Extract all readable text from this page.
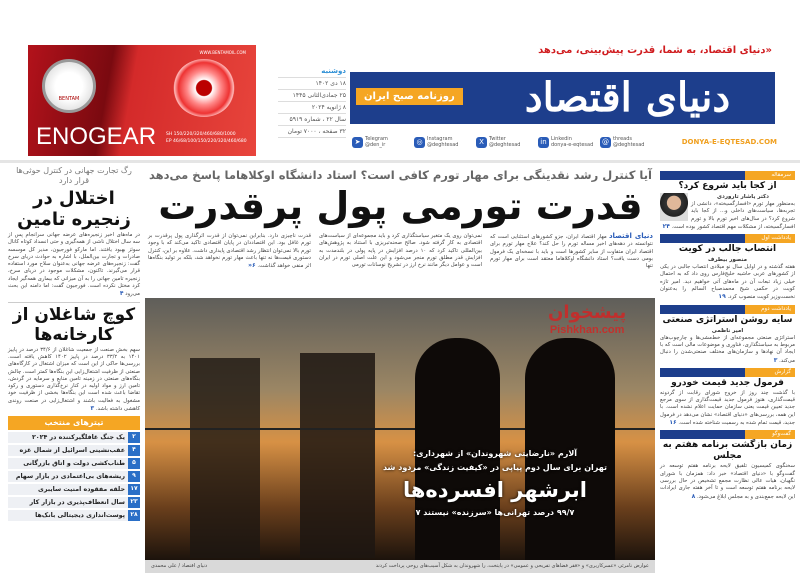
BENTAM
WWW.BENTAMOIL.COM
ENOGEAR SH 150/220/320/460/680/1000
EP 46/68/100/150/220/320/460/680
«دنیای اقتصاد، به شما، قدرت پیش‌بینی، می‌دهد
دنیای اقتصاد
روزنامه صبح ایران
دوشنبه
۱۸ دی ۱۴۰۲
۲۵ جمادی‌الثانی ۱۴۴۵
۸ ژانویه ۲۰۲۴
سال ۲۲ ، شماره ۵۹۱۹
۳۲ صفحه ، ۷۰۰۰ تومان
➤ Telegram
@den_ir	◎ Instagram
@deghtesad	X	Twitter
@deghtesad	in Linkedin
donya-e-eqtesad @ threads
@deghtesad	DONYA-E-EQTESAD.COM
آیا کنترل رشد نقدینگی برای مهار تورم کافی است؟ استاد دانشگاه اوکلاهاما پاسخ می‌دهد
قدرت تورمی پول پرقدرت
دنیای اقتصاد مهار اقتصاد ایران، جزو کشورهای استثنایی است که نتوانسته در دهه‌های اخیر مساله تورم را حل کند؟ علاج مهار تورم برای اقتصاد ایران متفاوت از سایر کشورها است و باید با نسخه‌ای یک فرمول بومی دست یافت؟ استاد دانشگاه اوکلاهاما معتقد است برای مهار تورم تنها
نمی‌توان روی یک متغیر سیاستگذاری کرد و باید مجموعه‌ای از سیاست‌های اقتصادی به کار گرفته شود. صالح صحنه‌تبریزی با استناد به پژوهش‌های بین‌المللی تاکید کرد که ۱۰ درصد افزایش در پایه پولی در بلندمدت به افزایش قدر مطلق تورم منجر می‌شود و این علت اصلی تورم در ایران است و عوامل دیگر مانند نرخ ارز در تشریح نوسانات تورمی
قدرت ناچیزی دارد. بنابراین نمی‌توان از قدرت اثرگذاری پول پرقدرت بر تورم غافل بود. این اقتصاددان در پایان اقتصادی تاکید می‌کند که با وجود تورم بالا نمی‌توان انتظار رشد اقتصادی پایداری داشت. علاوه بر این، کنترل دستوری قیمت‌ها نه تنها باعث مهار تورم نخواهد شد، بلکه بر تولید بنگاه‌ها اثر منفی خواهد گذاشت. ۶«
آلارم «نارضایتی شهروندان» از شهرداری:
تهران برای سال دوم پیاپی در «کیفیت زندگی» مردود شد
ابرشهر افسرده‌ها
۹۹/۷ درصد تهرانی‌ها «سرزنده» نیستند ۷
عوارض نامرئی «عسرکاربری» و «فقر فضاهای تفریحی و عمومی» در پایتخت، را شهروندان به شکل آسیب‌های روحی پرداخت کردند
دنیای اقتصاد / علی محمدی
رگ تجارت جهانی در کنترل حوثی‌ها قرار دارد
اختلال در زنجیره تامین
در ماه‌های اخیر زنجیره‌های عرضه جهانی سرانجام پس از سه سال اختلال ناشی از همه‌گیری و حتی انسداد کوتاه کانال سوئز بهبود یافتند. اما مارکو فورجیون، مدیر کل موسسه صادرات و تجارت بین‌الملل، با اشاره به حوادث دریای سرخ گفت: زنجیره‌های عرضه جهانی به‌عنوان سلاح مورد استفاده قرار می‌گیرند. تاکنون، مشکلات موجود در دریای سرخ، زنجیره تامین جهانی را به آن میزانی که بیماری همه‌گیر ایجاد کرد مختل نکرده است. فورجیون گفت: اما دامنه این بحث می‌رود ۴
کوچ شاغلان از کارخانه‌ها
سهم بخش صنعت از جمعیت شاغلان از ۳۴/۶ درصد در پاییز ۱۴۰۱ به ۳۳/۲ درصد در پاییز ۱۴۰۲ کاهش یافته است. بررسی‌ها حاکی از این است که میزان اشتغال در کارگاه‌های صنعتی از ظرفیت اشتغال‌زایی این بنگاه‌ها کمتر است. چالش بنگاه‌های صنعتی در زمینه تامین منابع و سرمایه در گردش، تامین ارز و مواد اولیه در کنار نرخ‌گذاری دستوری و رکود تقاضا باعث شده است این بنگاه‌ها بخشی از ظرفیت خود مشغول به فعالیت باشند و اشتغال‌زایی در صنعت روندی کاهشی داشته باشد. ۳
تیترهای منتخب
۲
یک جنگ غافلگیرکننده در ۲۰۲۴
۴
عقب‌نشینی اسرائیل از شمال غزه
۵
طناب‌کشی دولت و اتاق بازرگانی
۹
ریشه‌های بی‌اعتمادی در بازار سهام
۱۷
حلقه مفقوده امنیت سایبری
۲۳
سال انعطاف‌پذیری در بازار کار
۲۸
پوست‌اندازی دیجیتالی بانک‌ها
سرمقاله
از کجا باید شروع کرد؟
دکتر یاشار تاروردی
به‌منظور مهار تورم «افسارگسیخته»، دانشی از تجربه‌ها، سیاست‌های داخلی و... از کجا باید شروع کرد؟ در سال‌های اخیر تورم بالا و تورم افسارگسیخته، از مشکلات مهم اقتصاد کشور بوده است. ۲۴
یادداشت اول
انتصاب جالب در کویت
منصور بیطرف
هفته گذشته و در اوایل سال نو میلادی انتصاب جالبی در یکی از کشورهای عربی حاشیه خلیج‌فارس روی داد که به احتمال خیلی زیاد تبعات آن در ماه‌های آتی خواهیم دید. امیر تازه کویت در حکمی شیخ محمدصباح السالم را به‌عنوان نخست‌وزیر کویت منصوب کرد. ۱۹
یادداشت دوم
سایه روشن استراتژی صنعتی
امیر ناظمی
استراتژی صنعتی مجموعه‌ای از خط‌مشی‌ها و چارچوب‌های مربوط به سیاستگذاری، فناوری و موضوعات مالی است که با ایجاد آن نهادها و سازمان‌های مختلف صنعتی‌شدن را دنبال می‌کند. ۳
گزارش
فرمول جدید قیمت خودرو
با گذشت چند روز از خروج شورای رقابت از گردونه قیمت‌گذاری، هنوز فرمول جدید قیمت‌گذاری از سوی مرجع جدید تعیین قیمت یعنی سازمان حمایت اعلام نشده است. با این همه، بررسی‌های «دنیای اقتصاد» نشان می‌دهد در فرمول جدید، قیمت تمام شده به رسمیت شناخته شده است. ۱۶
گفت‌وگو
زمان بازگشت برنامه هفتم به مجلس
سخنگوی کمیسیون تلفیق لایحه برنامه هفتم توسعه در گفت‌وگو با «دنیای اقتصاد» خبر داد: همزمان با شورای نگهبان، هیات عالی نظارت مجمع تشخیص در حال بررسی لایحه برنامه هفتم توسعه است و تا آخر هفته جاری ایرادات این لایحه جمع‌بندی و به مجلس ابلاغ می‌شود. ۸
پیشخوان
Pishkhan.com
